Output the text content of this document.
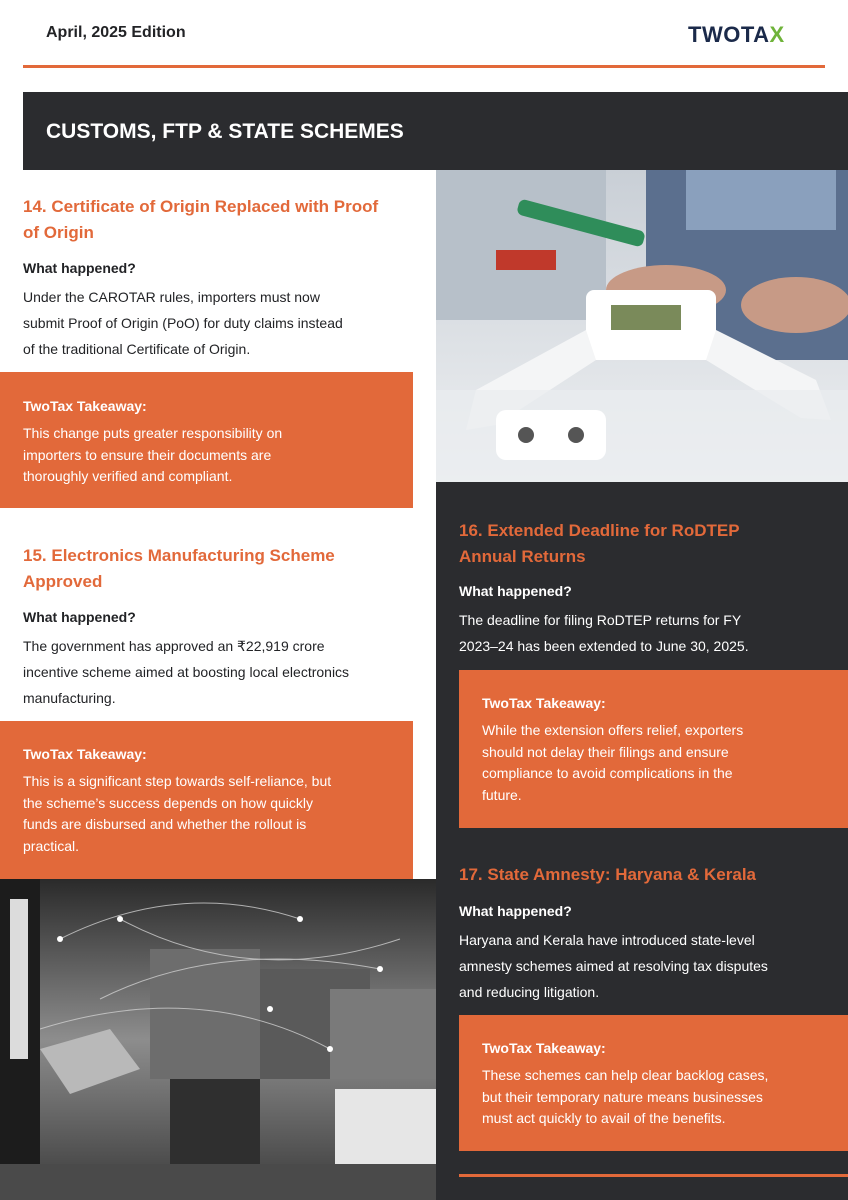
April, 2025 Edition	TWOTAX
CUSTOMS, FTP & STATE SCHEMES
14. Certificate of Origin Replaced with Proof
of Origin
What happened?
Under the CAROTAR rules, importers must now
submit Proof of Origin (PoO) for duty claims instead
of the traditional Certificate of Origin.
TwoTax Takeaway:
This change puts greater responsibility on
importers to ensure their documents are
thoroughly verified and compliant.
15. Electronics Manufacturing Scheme
Approved
What happened?
The government has approved an ₹22,919 crore
incentive scheme aimed at boosting local electronics
manufacturing.
TwoTax Takeaway:
This is a significant step towards self-reliance, but
the scheme’s success depends on how quickly
funds are disbursed and whether the rollout is
practical.
16. Extended Deadline for RoDTEP
Annual Returns
What happened?
The deadline for filing RoDTEP returns for FY
2023–24 has been extended to June 30, 2025.
TwoTax Takeaway:
While the extension offers relief, exporters
should not delay their filings and ensure
compliance to avoid complications in the
future.
17. State Amnesty: Haryana & Kerala
What happened?
Haryana and Kerala have introduced state-level
amnesty schemes aimed at resolving tax disputes
and reducing litigation.
TwoTax Takeaway:
These schemes can help clear backlog cases,
but their temporary nature means businesses
must act quickly to avail of the benefits.
